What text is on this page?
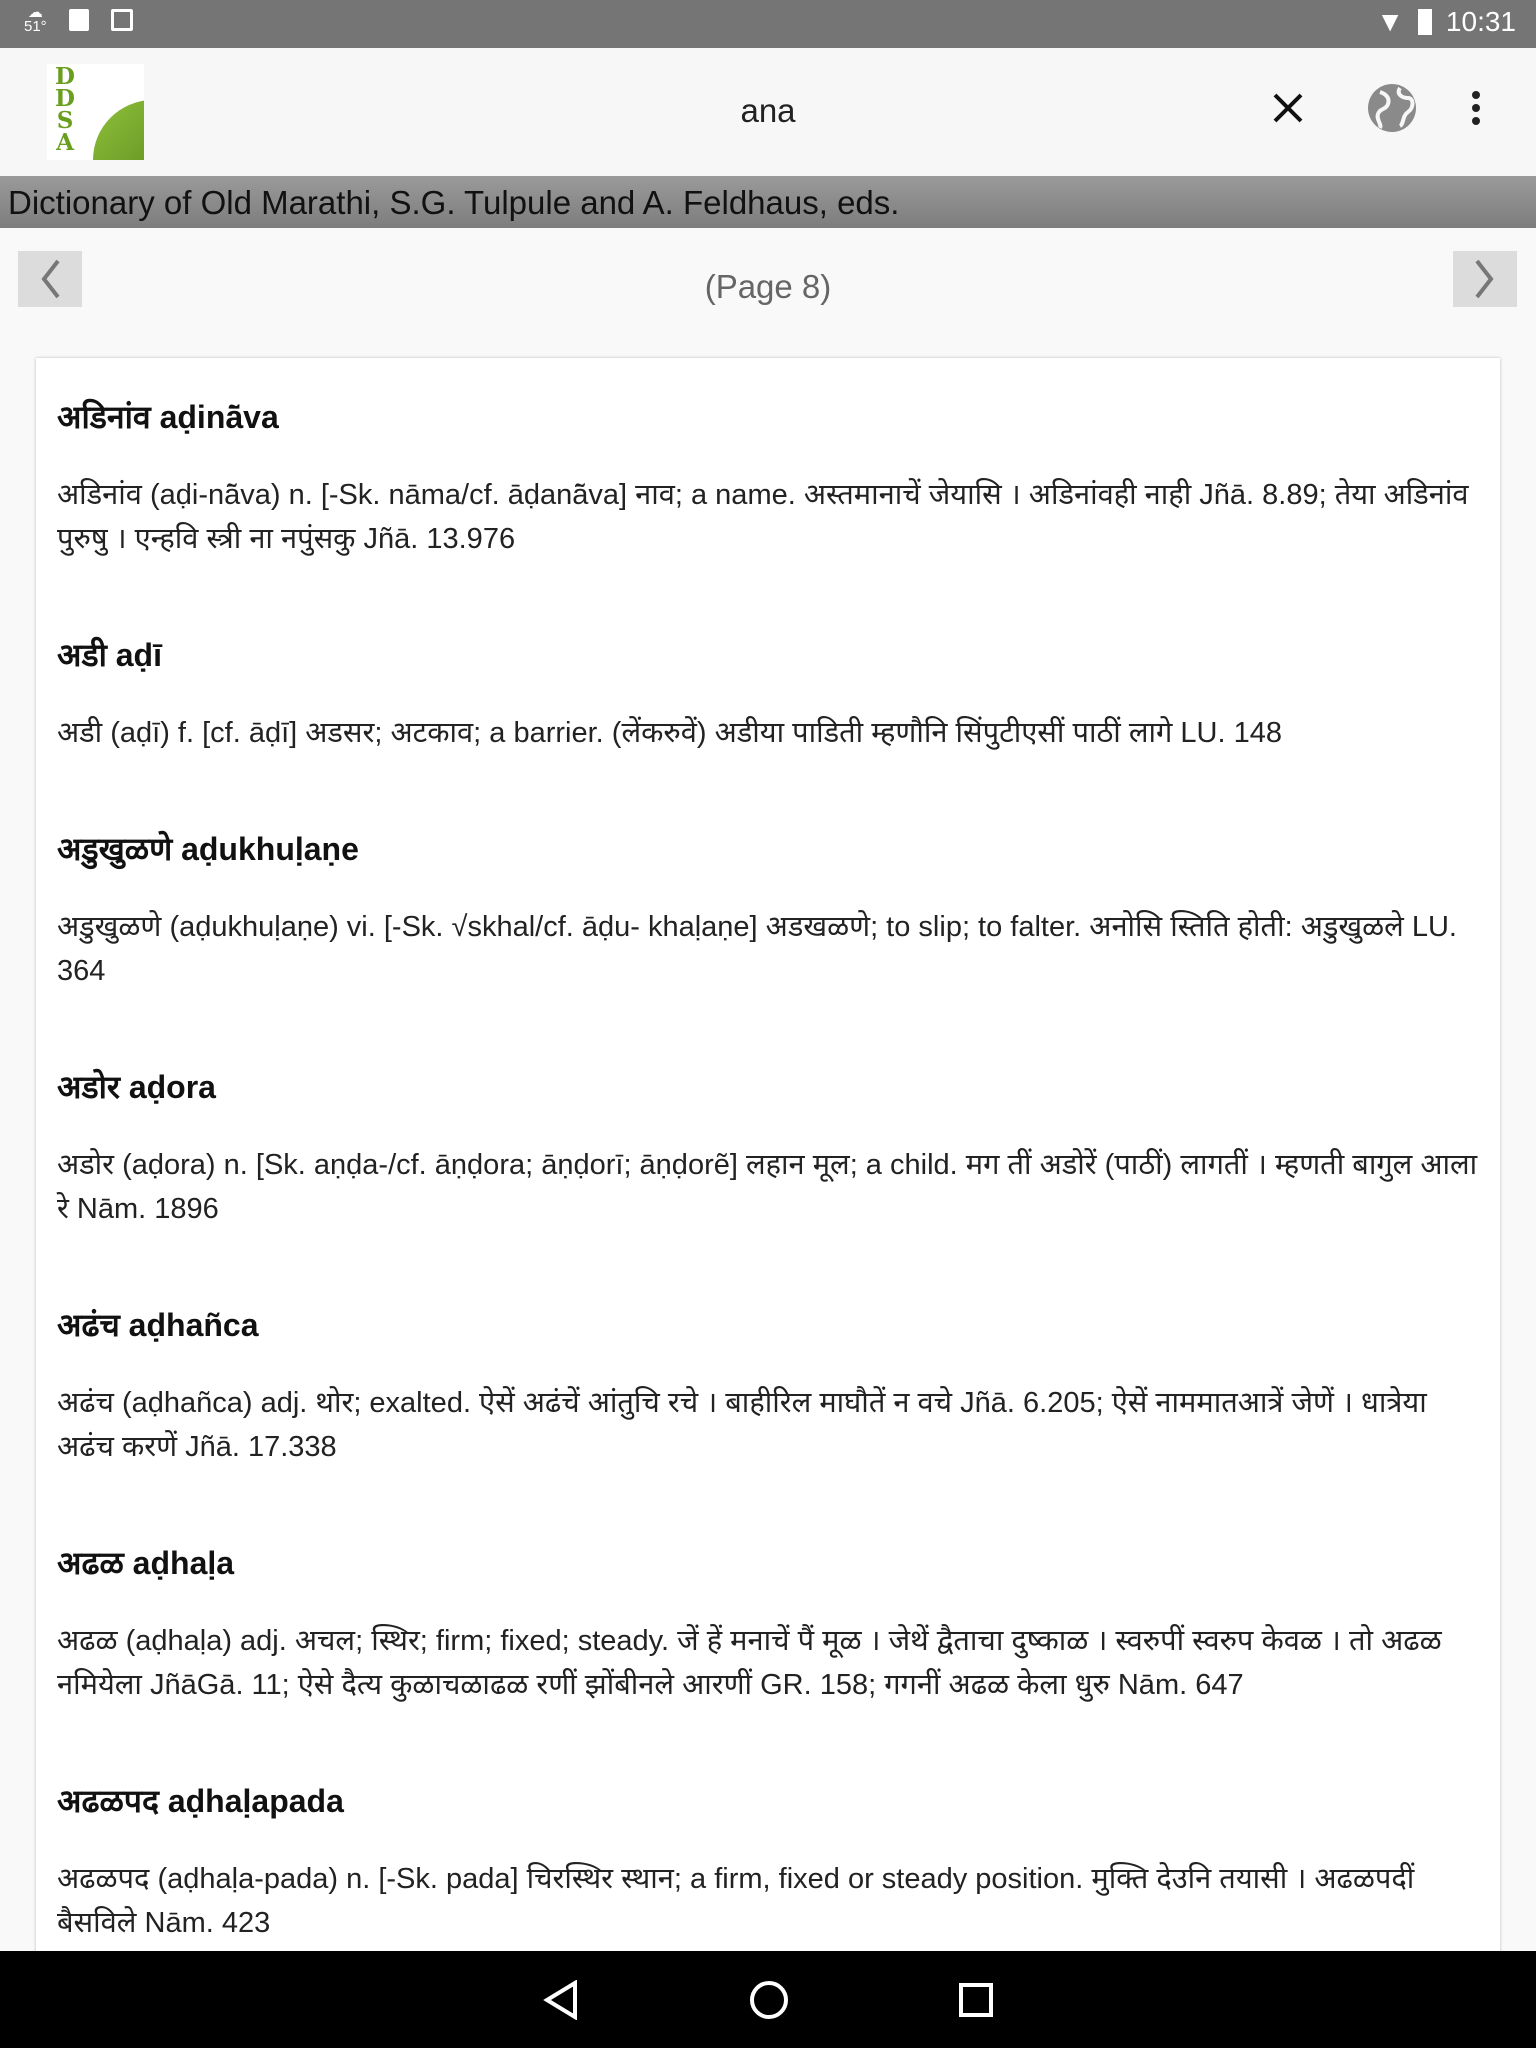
☁
51°	▼ 10:31
D
D
S
A
ana
Dictionary of Old Marathi, S.G. Tulpule and A. Feldhaus, eds.
(Page 8)
अडिनांव aḍinā̃va
अडिनांव (aḍi-nā̃va) n. [-Sk. nāma/cf. āḍanā̃va] नाव; a name. अस्तमानाचें जेयासि । अडिनांवही नाही Jñā. 8.89; तेया अडिनांव पुरुषु । एन्हवि स्त्री ना नपुंसकु Jñā. 13.976
अडी aḍī
अडी (aḍī) f. [cf. āḍī] अडसर; अटकाव; a barrier. (लेंकरुवें) अडीया पाडिती म्हणौनि सिंपुटीएसीं पाठीं लागे LU. 148
अडुखुळणे aḍukhuḷaṇe
अडुखुळणे (aḍukhuḷaṇe) vi. [-Sk. √skhal/cf. āḍu- khaḷaṇe] अडखळणे; to slip; to falter. अनोसि स्तिति होती: अडुखुळले LU. 364
अडोर aḍora
अडोर (aḍora) n. [Sk. aṇḍa-/cf. āṇḍora; āṇḍorī; āṇḍorẽ] लहान मूल; a child. मग तीं अडोरें (पाठीं) लागतीं । म्हणती बागुल आला रे Nām. 1896
अढंच aḍhañca
अढंच (aḍhañca) adj. थोर; exalted. ऐसें अढंचें आंतुचि रचे । बाहीरिल माघौतें न वचे Jñā. 6.205; ऐसें नाममातआत्रें जेणें । धात्रेया अढंच करणें Jñā. 17.338
अढळ aḍhaḷa
अढळ (aḍhaḷa) adj. अचल; स्थिर; firm; fixed; steady. जें हें मनाचें पैं मूळ । जेथें द्वैताचा दुष्काळ । स्वरुपीं स्वरुप केवळ । तो अढळ नमियेला JñāGā. 11; ऐसे दैत्य कुळाचळाढळ रणीं झोंबीनले आरणीं GR. 158; गगनीं अढळ केला धुरु Nām. 647
अढळपद aḍhaḷapada
अढळपद (aḍhaḷa-pada) n. [-Sk. pada] चिरस्थिर स्थान; a firm, fixed or steady position. मुक्ति देउनि तयासी । अढळपदीं बैसविले Nām. 423
